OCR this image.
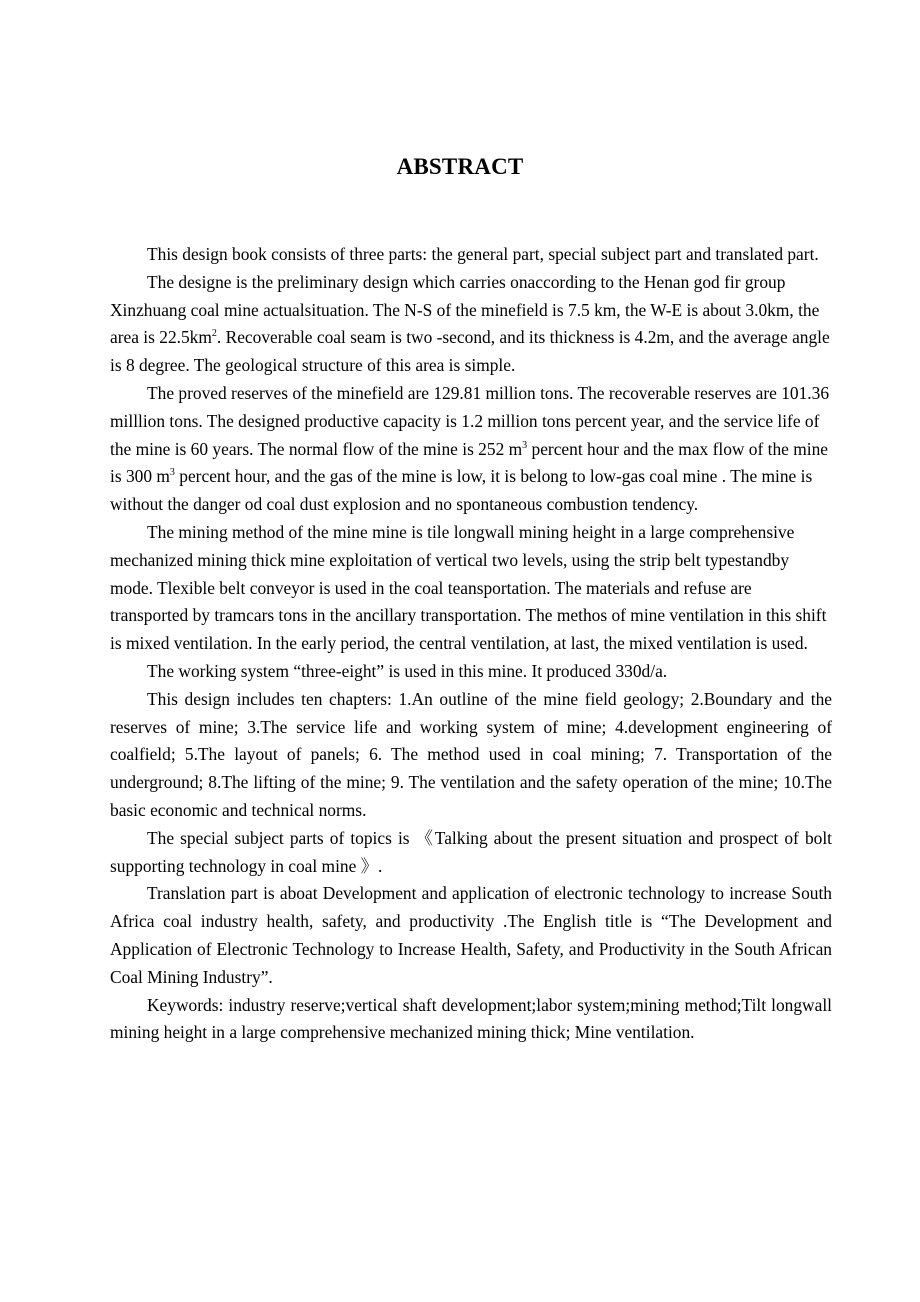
ABSTRACT

This design book consists of three parts: the general part, special subject part and translated part.

The designe is the preliminary design which carries onaccording to the Henan god fir group Xinzhuang coal mine actualsituation. The N-S of the minefield is 7.5 km, the W-E is about 3.0km, the area is $22.5km^2$. Recoverable coal seam is two -second, and its thickness is 4.2m, and the average angle is 8 degree. The geological structure of this area is simple.

The proved reserves of the minefield are 129.81 million tons. The recoverable reserves are 101.36 milllion tons. The designed productive capacity is 1.2 million tons percent year, and the service life of the mine is 60 years. The normal flow of the mine is 252 $m^3$ percent hour and the max flow of the mine is 300 $m^3$ percent hour, and the gas of the mine is low, it is belong to low-gas coal mine . The mine is without the danger od coal dust explosion and no spontaneous combustion tendency.

The mining method of the mine mine is tile longwall mining height in a large comprehensive mechanized mining thick mine exploitation of vertical two levels, using the strip belt typestandby mode. Tlexible belt conveyor is used in the coal teansportation. The materials and refuse are transported by tramcars tons in the ancillary transportation. The methos of mine ventilation in this shift is mixed ventilation. In the early period, the central ventilation, at last, the mixed ventilation is used.

The working system “three-eight” is used in this mine. It produced 330d/a.

This design includes ten chapters: 1.An outline of the mine field geology; 2.Boundary and the reserves of mine; 3.The service life and working system of mine; 4.development engineering of coalfield; 5.The layout of panels; 6. The method used in coal mining; 7. Transportation of the underground; 8.The lifting of the mine; 9. The ventilation and the safety operation of the mine; 10.The basic economic and technical norms.

The special subject parts of topics is 《Talking about the present situation and prospect of bolt supporting technology in coal mine 》.

Translation part is aboat Development and application of electronic technology to increase South Africa coal industry health, safety, and productivity .The English title is “The Development and Application of Electronic Technology to Increase Health, Safety, and Productivity in the South African Coal Mining Industry”.

Keywords: industry reserve;vertical shaft development;labor system;mining method;Tilt longwall mining height in a large comprehensive mechanized mining thick; Mine ventilation.
